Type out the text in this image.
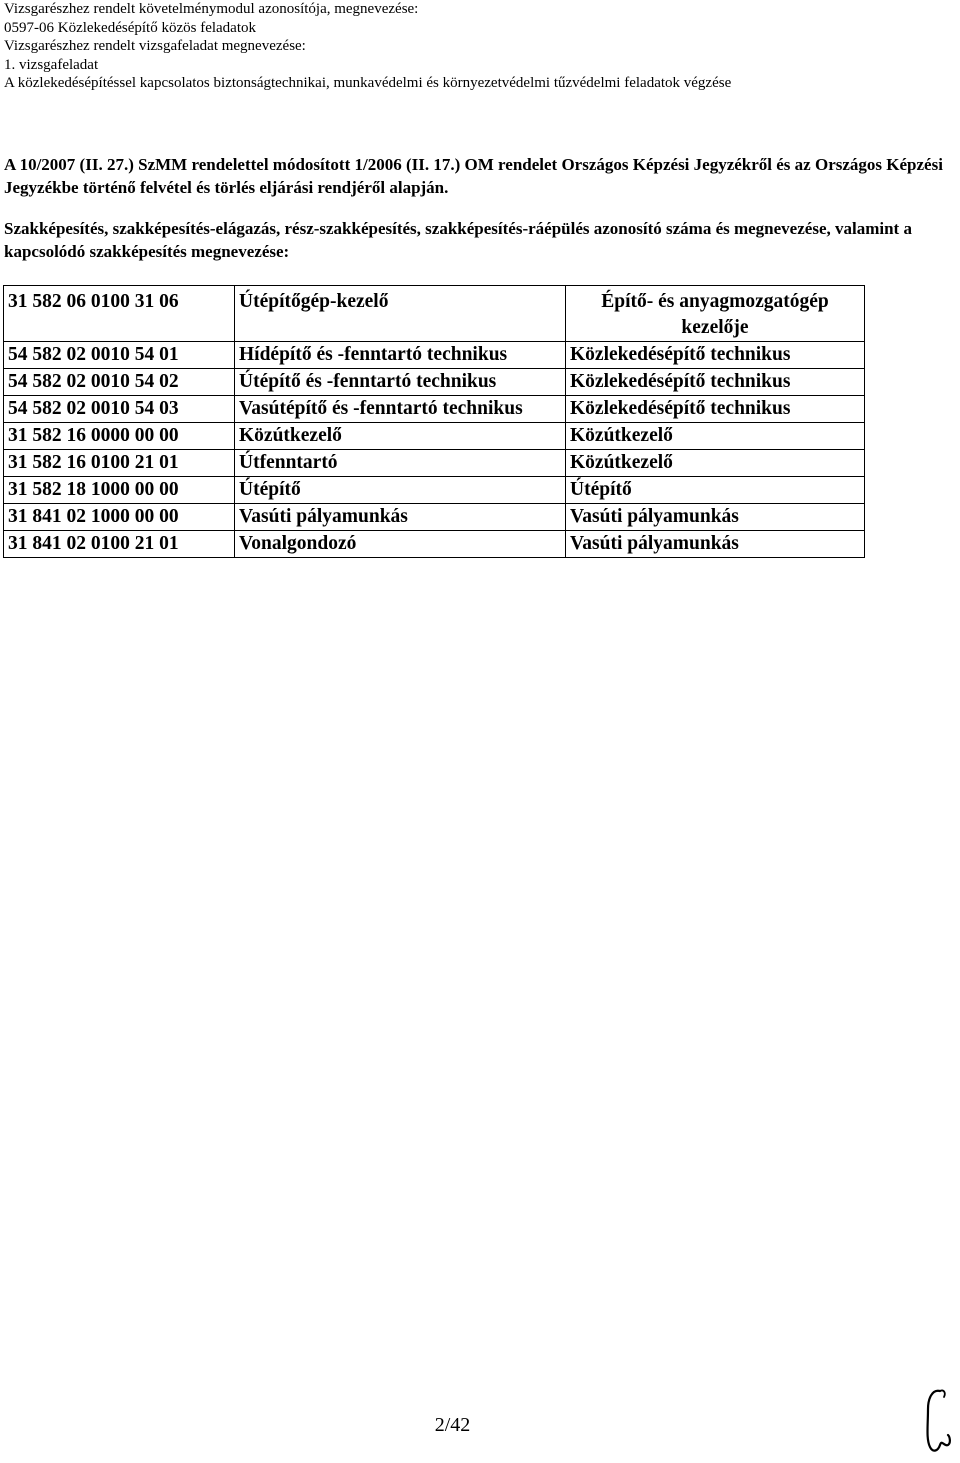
Vizsgarészhez rendelt követelménymodul azonosítója, megnevezése:
0597-06 Közlekedésépítő közös feladatok
Vizsgarészhez rendelt vizsgafeladat megnevezése:
1. vizsgafeladat
A közlekedésépítéssel kapcsolatos biztonságtechnikai, munkavédelmi és környezetvédelmi tűzvédelmi feladatok végzése
A 10/2007 (II. 27.) SzMM rendelettel módosított 1/2006 (II. 17.) OM rendelet Országos Képzési Jegyzékről és az Országos Képzési Jegyzékbe történő felvétel és törlés eljárási rendjéről alapján.
Szakképesítés, szakképesítés-elágazás, rész-szakképesítés, szakképesítés-ráépülés azonosító száma és megnevezése, valamint a kapcsolódó szakképesítés megnevezése:
31 582 06 0100 31 06	Útépítőgép-kezelő	Építő- és anyagmozgatógép kezelője
54 582 02 0010 54 01	Hídépítő és -fenntartó technikus	Közlekedésépítő technikus
54 582 02 0010 54 02	Útépítő és -fenntartó technikus	Közlekedésépítő technikus
54 582 02 0010 54 03	Vasútépítő és -fenntartó technikus	Közlekedésépítő technikus
31 582 16 0000 00 00	Közútkezelő	Közútkezelő
31 582 16 0100 21 01	Útfenntartó	Közútkezelő
31 582 18 1000 00 00	Útépítő	Útépítő
31 841 02 1000 00 00	Vasúti pályamunkás	Vasúti pályamunkás
31 841 02 0100 21 01	Vonalgondozó	Vasúti pályamunkás
2/42
